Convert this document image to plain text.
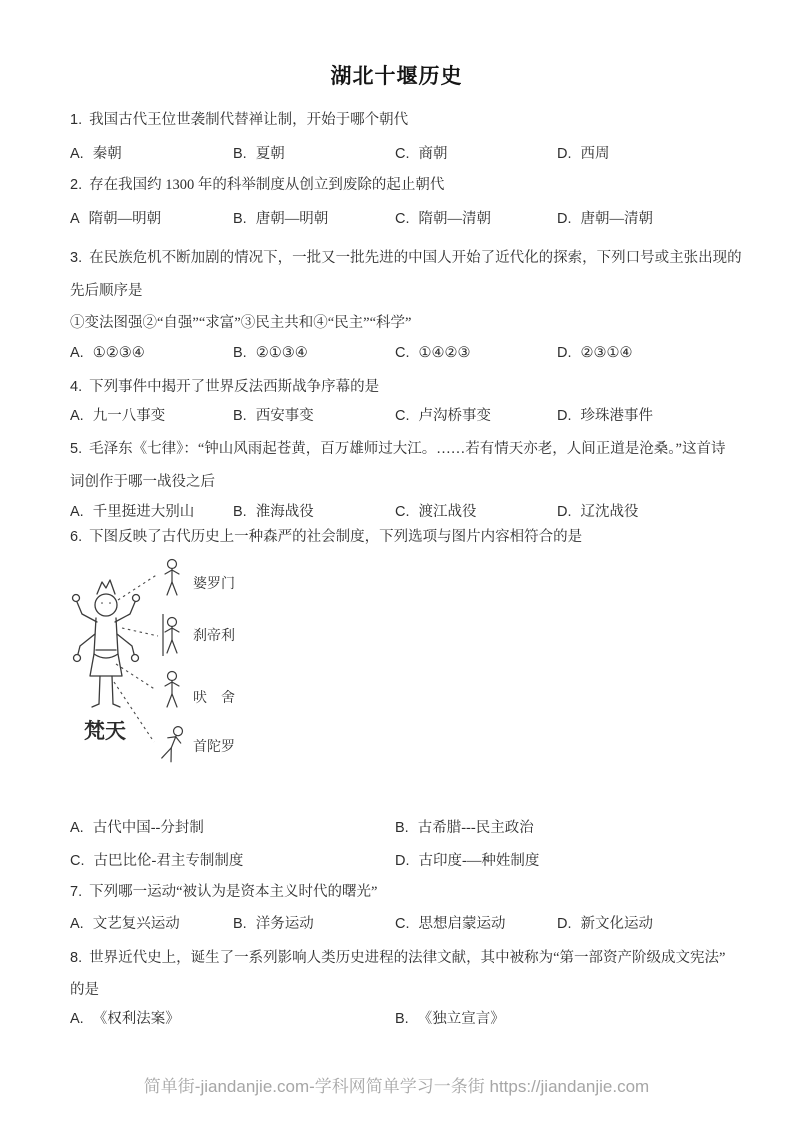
湖北十堰历史
1. 我国古代王位世袭制代替禅让制，开始于哪个朝代
A. 秦朝	B. 夏朝	C. 商朝	D. 西周
2. 存在我国约 1300 年的科举制度从创立到废除的起止朝代
A 隋朝—明朝	B. 唐朝—明朝	C. 隋朝—清朝	D. 唐朝—清朝
3. 在民族危机不断加剧的情况下，一批又一批先进的中国人开始了近代化的探索，下列口号或主张出现的
先后顺序是
①变法图强②“自强”“求富”③民主共和④“民主”“科学”
A. ①②③④	B. ②①③④	C. ①④②③	D. ②③①④
4. 下列事件中揭开了世界反法西斯战争序幕的是
A. 九一八事变	B. 西安事变	C. 卢沟桥事变	D. 珍珠港事件
5. 毛泽东《七律》：“钟山风雨起苍黄，百万雄师过大江。……若有情天亦老，人间正道是沧桑。”这首诗
词创作于哪一战役之后
A. 千里挺进大别山	B. 淮海战役	C. 渡江战役	D. 辽沈战役
6. 下图反映了古代历史上一种森严的社会制度，下列选项与图片内容相符合的是
梵天
婆罗门
刹帝利
吠　舍
首陀罗
A. 古代中国--分封制	B. 古希腊---民主政治
C. 古巴比伦-君主专制制度	D. 古印度-—种姓制度
7. 下列哪一运动“被认为是资本主义时代的曙光”
A. 文艺复兴运动	B. 洋务运动	C. 思想启蒙运动	D. 新文化运动
8. 世界近代史上，诞生了一系列影响人类历史进程的法律文献，其中被称为“第一部资产阶级成文宪法”
的是
A. 《权利法案》	B. 《独立宣言》
简单街-jiandanjie.com-学科网简单学习一条街 https://jiandanjie.com
